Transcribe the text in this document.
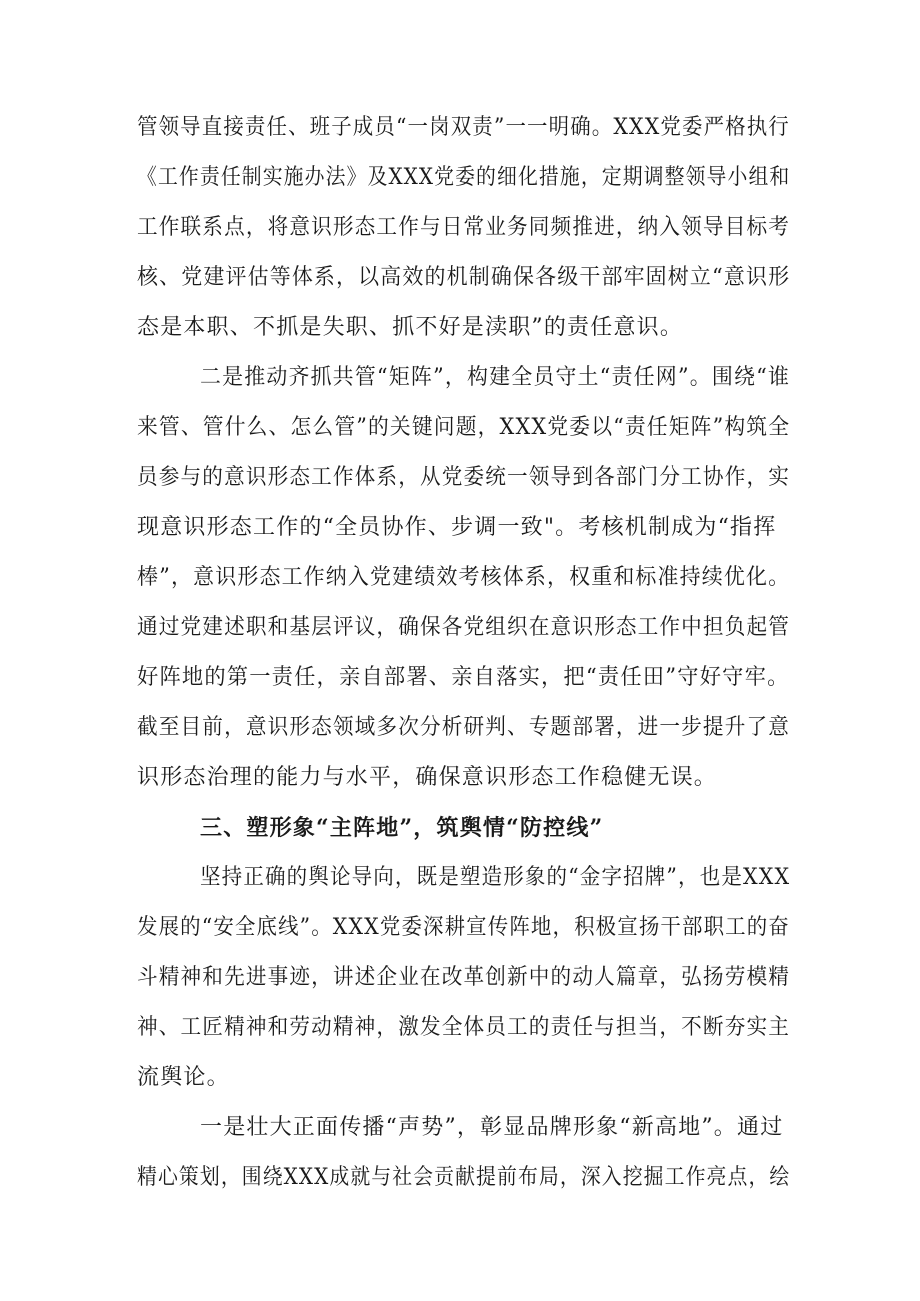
管领导直接责任、班子成员“一岗双责”一一明确。XXX党委严格执行

《工作责任制实施办法》及XXX党委的细化措施，定期调整领导小组和

工作联系点，将意识形态工作与日常业务同频推进，纳入领导目标考

核、党建评估等体系，以高效的机制确保各级干部牢固树立“意识形

态是本职、不抓是失职、抓不好是渎职”的责任意识。

二是推动齐抓共管“矩阵”，构建全员守土“责任网”。围绕“谁

来管、管什么、怎么管”的关键问题，XXX党委以“责任矩阵”构筑全

员参与的意识形态工作体系，从党委统一领导到各部门分工协作，实

现意识形态工作的“全员协作、步调一致"。考核机制成为“指挥

棒”，意识形态工作纳入党建绩效考核体系，权重和标准持续优化。

通过党建述职和基层评议，确保各党组织在意识形态工作中担负起管

好阵地的第一责任，亲自部署、亲自落实，把“责任田”守好守牢。

截至目前，意识形态领域多次分析研判、专题部署，进一步提升了意

识形态治理的能力与水平，确保意识形态工作稳健无误。

三、塑形象“主阵地”，筑舆情“防控线”

坚持正确的舆论导向，既是塑造形象的“金字招牌”，也是XXX

发展的“安全底线”。XXX党委深耕宣传阵地，积极宣扬干部职工的奋

斗精神和先进事迹，讲述企业在改革创新中的动人篇章，弘扬劳模精

神、工匠精神和劳动精神，激发全体员工的责任与担当，不断夯实主

流舆论。

一是壮大正面传播“声势”，彰显品牌形象“新高地”。通过

精心策划，围绕XXX成就与社会贡献提前布局，深入挖掘工作亮点，绘
